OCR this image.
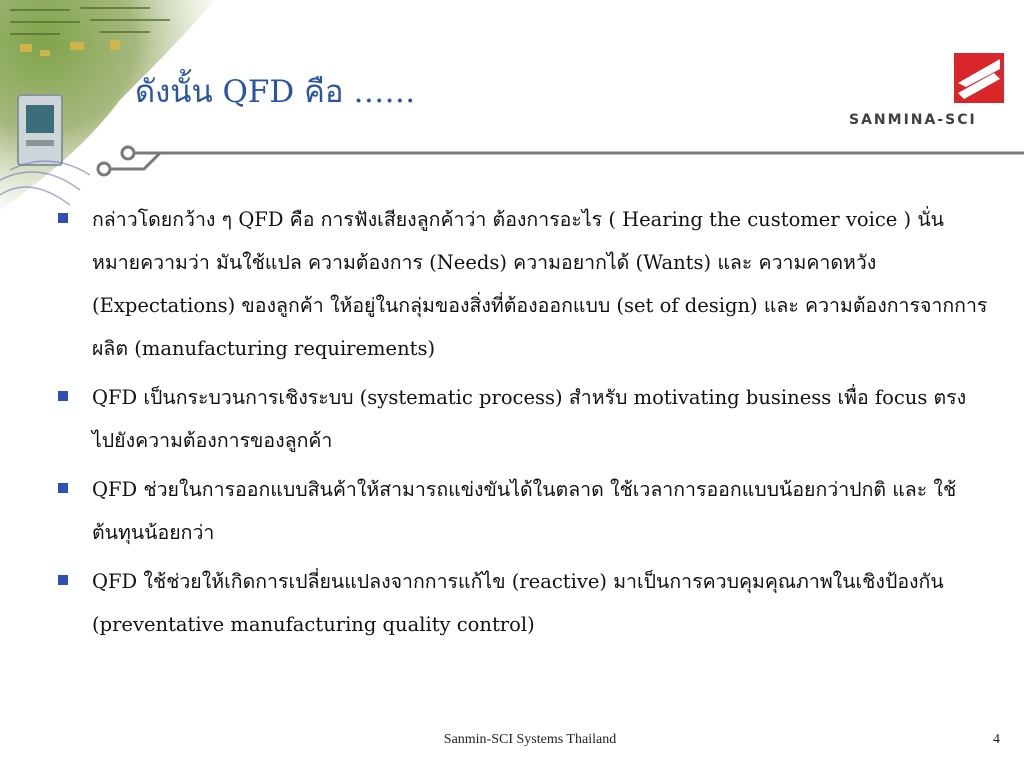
ดังนั้น QFD คือ ……
SANMINA-SCI
กล่าวโดยกว้าง ๆ QFD คือ การฟังเสียงลูกค้าว่า ต้องการอะไร ( Hearing the customer voice ) นั่นหมายความว่า มันใช้แปล ความต้องการ (Needs) ความอยากได้ (Wants) และ ความคาดหวัง (Expectations) ของลูกค้า ให้อยู่ในกลุ่มของสิ่งที่ต้องออกแบบ (set of design) และ ความต้องการจากการผลิต (manufacturing requirements)
QFD เป็นกระบวนการเชิงระบบ (systematic process) สำหรับ motivating business เพื่อ focus ตรงไปยังความต้องการของลูกค้า
QFD ช่วยในการออกแบบสินค้าให้สามารถแข่งขันได้ในตลาด ใช้เวลาการออกแบบน้อยกว่าปกติ และ ใช้ต้นทุนน้อยกว่า
QFD ใช้ช่วยให้เกิดการเปลี่ยนแปลงจากการแก้ไข (reactive) มาเป็นการควบคุมคุณภาพในเชิงป้องกัน (preventative manufacturing quality control)
Sanmin-SCI Systems Thailand	4
